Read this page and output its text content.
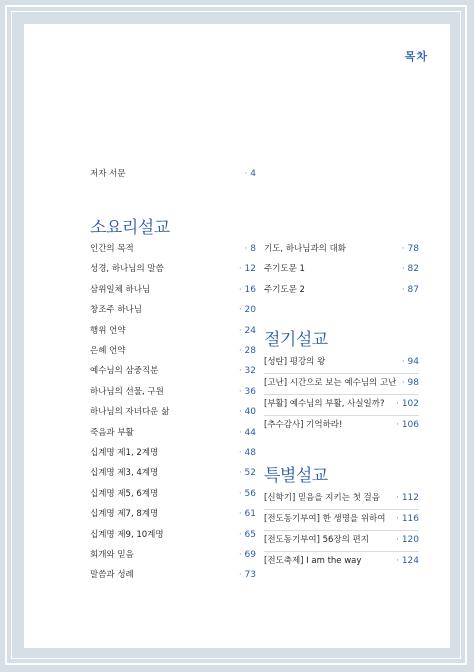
목차
저자 서문	· 4
소요리설교
절기설교
특별설교
인간의 목적	· 8
성경, 하나님의 말씀	· 12
삼위일체 하나님	· 16
창조주 하나님	· 20
행위 언약	· 24
은혜 언약	· 28
예수님의 삼중직분	· 32
하나님의 선물, 구원	· 36
하나님의 자녀다운 삶	· 40
죽음과 부활	· 44
십계명 제1, 2계명	· 48
십계명 제3, 4계명	· 52
십계명 제5, 6계명	· 56
십계명 제7, 8계명	· 61
십계명 제9, 10계명	· 65
회개와 믿음	· 69
말씀과 성례	· 73
기도, 하나님과의 대화	· 78
주기도문 1	· 82
주기도문 2	· 87
[성탄] 평강의 왕	· 94
[고난] 시간으로 보는 예수님의 고난	· 98
[부활] 예수님의 부활, 사실일까?	· 102
[추수감사] 기억하라!	· 106
[신학기] 믿음을 지키는 첫 걸음	· 112
[전도동기부여] 한 생명을 위하여	· 116
[전도동기부여] 56장의 편지	· 120
[전도축제] I am the way	· 124
